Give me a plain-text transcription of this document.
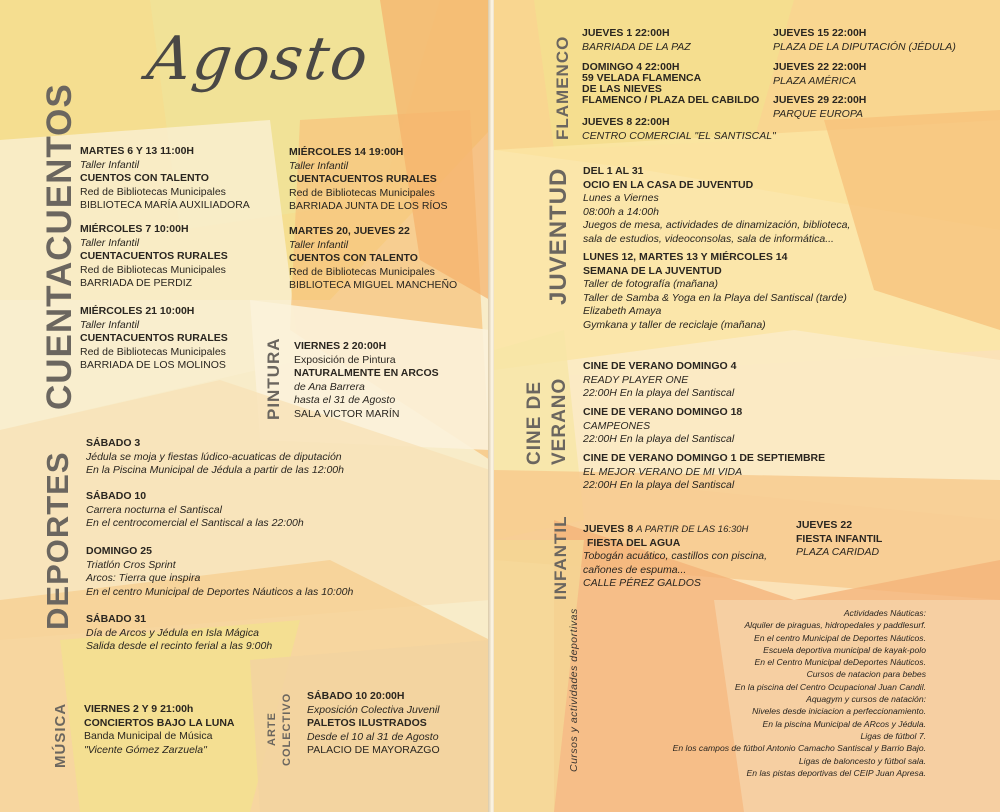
Agosto
CUENTACUENTOS MARTES 6 Y 13 11:00H
Taller Infantil
CUENTOS CON TALENTO
Red de Bibliotecas Municipales
BIBLIOTECA MARÍA AUXILIADORA
MIÉRCOLES 7 10:00H
Taller Infantil
CUENTACUENTOS RURALES
Red de Bibliotecas Municipales
BARRIADA DE PERDIZ
MIÉRCOLES 21 10:00H
Taller Infantil
CUENTACUENTOS RURALES
Red de Bibliotecas Municipales
BARRIADA DE LOS MOLINOS
MIÉRCOLES 14 19:00H
Taller Infantil
CUENTACUENTOS RURALES
Red de Bibliotecas Municipales
BARRIADA JUNTA DE LOS RÍOS
MARTES 20, JUEVES 22
Taller Infantil
CUENTOS CON TALENTO
Red de Bibliotecas Municipales
BIBLIOTECA MIGUEL MANCHEÑO
PINTURA VIERNES 2 20:00H
Exposición de Pintura
NATURALMENTE EN ARCOS
de Ana Barrera
hasta el 31 de Agosto
SALA VICTOR MARÍN
DEPORTES
SÁBADO 3
Jédula se moja y fiestas lúdico-acuaticas de diputación
En la Piscina Municipal de Jédula a partir de las 12:00h
SÁBADO 10
Carrera nocturna el Santiscal
En el centrocomercial el Santiscal a las 22:00h
DOMINGO 25
Triatlón Cros Sprint
Arcos: Tierra que inspira
En el centro Municipal de Deportes Náuticos a las 10:00h
SÁBADO 31
Día de Arcos y Jédula en Isla Mágica
Salida desde el recinto ferial a las 9:00h
MÚSICA VIERNES 2 Y 9 21:00h
CONCIERTOS BAJO LA LUNA
Banda Municipal de Música
"Vicente Gómez Zarzuela"
ARTE COLECTIVO SÁBADO 10 20:00H
Exposición Colectiva Juvenil
PALETOS ILUSTRADOS
Desde el 10 al 31 de Agosto
PALACIO DE MAYORAZGO
FLAMENCO
JUEVES 1 22:00H
BARRIADA DE LA PAZ
DOMINGO 4 22:00H
59 VELADA FLAMENCA
DE LAS NIEVES
FLAMENCO / PLAZA DEL CABILDO
JUEVES 8 22:00H
CENTRO COMERCIAL "EL SANTISCAL"
JUEVES 15 22:00H
PLAZA DE LA DIPUTACIÓN (JÉDULA)
JUEVES 22 22:00H
PLAZA AMÉRICA
JUEVES 29 22:00H
PARQUE EUROPA
JUVENTUD DEL 1 AL 31
OCIO EN LA CASA DE JUVENTUD
Lunes a Viernes
08:00h a 14:00h
Juegos de mesa, actividades de dinamización, biblioteca,
sala de estudios, videoconsolas, sala de informática...
LUNES 12, MARTES 13 Y MIÉRCOLES 14
SEMANA DE LA JUVENTUD
Taller de fotografía (mañana)
Taller de Samba & Yoga en la Playa del Santiscal (tarde)
Elizabeth Amaya
Gymkana y taller de reciclaje (mañana)
CINE DE VERANO
CINE DE VERANO DOMINGO 4
READY PLAYER ONE
22:00H En la playa del Santiscal
CINE DE VERANO DOMINGO 18
CAMPEONES
22:00H En la playa del Santiscal
CINE DE VERANO DOMINGO 1 DE SEPTIEMBRE
EL MEJOR VERANO DE MI VIDA
22:00H En la playa del Santiscal
INFANTIL JUEVES 8 A PARTIR DE LAS 16:30H
FIESTA DEL AGUA
Tobogán acuático, castillos con piscina,
cañones de espuma...
CALLE PÉREZ GALDOS
JUEVES 22
FIESTA INFANTIL
PLAZA CARIDAD
Cursos y actividades deportivas	Actividades Náuticas:
Alquiler de piraguas, hidropedales y paddlesurf.
En el centro Municipal de Deportes Náuticos.
Escuela deportiva municipal de kayak-polo
En el Centro Municipal deDeportes Náuticos.
Cursos de natacion para bebes
En la piscina del Centro Ocupacional Juan Candil.
Aquagym y cursos de natación:
Niveles desde iniciacion a perfeccionamiento.
En la piscina Municipal de ARcos y Jédula.
Ligas de fútbol 7.
En los campos de fútbol Antonio Camacho Santiscal y Barrio Bajo.
Ligas de baloncesto y fútbol sala.
En las pistas deportivas del CEIP Juan Apresa.
